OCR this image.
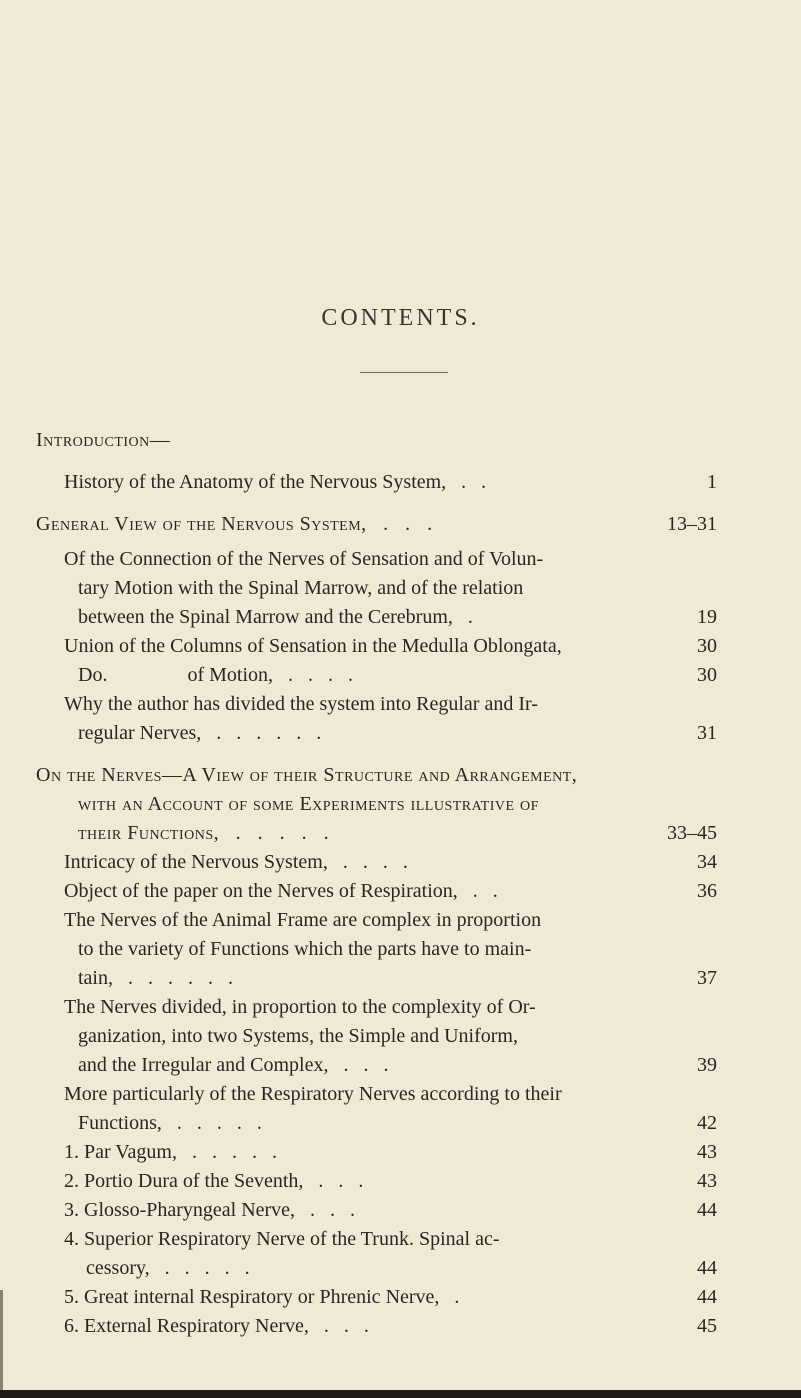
CONTENTS.
Introduction—
History of the Anatomy of the Nervous System,   .   .	1
General View of the Nervous System,   .   .   .	13–31
Of the Connection of the Nerves of Sensation and of Volun-
tary Motion with the Spinal Marrow, and of the relation
between the Spinal Marrow and the Cerebrum,   .	19
Union of the Columns of Sensation in the Medulla Oblongata,	30
Do.                of Motion,   .   .   .   .	30
Why the author has divided the system into Regular and Ir-
regular Nerves,   .   .   .   .   .   .	31
On the Nerves—A View of their Structure and Arrangement,
with an Account of some Experiments illustrative of
their Functions,   .   .   .   .   .	33–45
Intricacy of the Nervous System,   .   .   .   .	34
Object of the paper on the Nerves of Respiration,   .   .	36
The Nerves of the Animal Frame are complex in proportion
to the variety of Functions which the parts have to main-
tain,   .   .   .   .   .   .	37
The Nerves divided, in proportion to the complexity of Or-
ganization, into two Systems, the Simple and Uniform,
and the Irregular and Complex,   .   .   .	39
More particularly of the Respiratory Nerves according to their
Functions,   .   .   .   .   .	42
1. Par Vagum,   .   .   .   .   .	43
2. Portio Dura of the Seventh,   .   .   .	43
3. Glosso-Pharyngeal Nerve,   .   .   .	44
4. Superior Respiratory Nerve of the Trunk. Spinal ac-
cessory,   .   .   .   .   .	44
5. Great internal Respiratory or Phrenic Nerve,   .	44
6. External Respiratory Nerve,   .   .   .	45
